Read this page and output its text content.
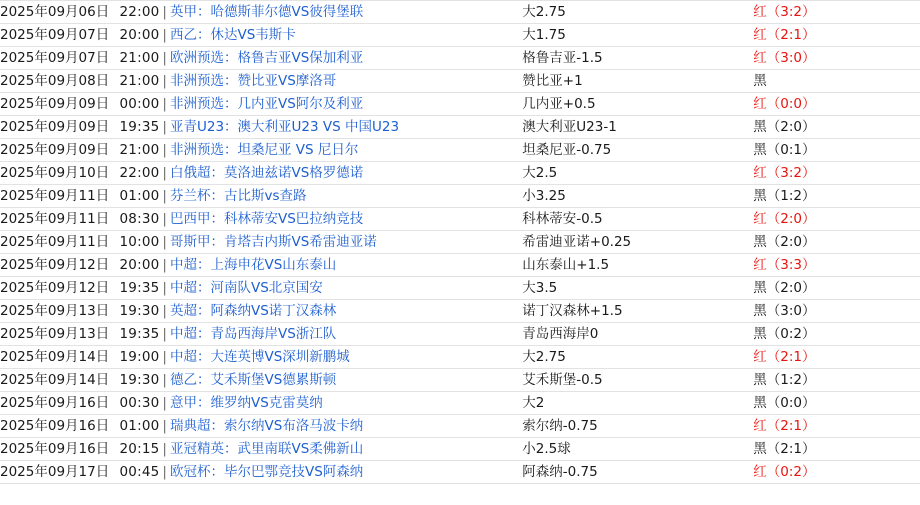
2025年09月06日 22:00 | 英甲：哈德斯菲尔德VS彼得堡联	大2.75	红（3:2）
2025年09月07日 20:00 | 西乙：休达VS韦斯卡	大1.75	红（2:1）
2025年09月07日 21:00 | 欧洲预选：格鲁吉亚VS保加利亚	格鲁吉亚-1.5	红（3:0）
2025年09月08日 21:00 | 非洲预选：赞比亚VS摩洛哥	赞比亚+1	黑
2025年09月09日 00:00 | 非洲预选：几内亚VS阿尔及利亚	几内亚+0.5	红（0:0）
2025年09月09日 19:35 | 亚青U23：澳大利亚U23 VS 中国U23	澳大利亚U23-1	黑（2:0）
2025年09月09日 21:00 | 非洲预选：坦桑尼亚 VS 尼日尔	坦桑尼亚-0.75	黑（0:1）
2025年09月10日 22:00 | 白俄超：莫洛迪兹诺VS格罗德诺	大2.5	红（3:2）
2025年09月11日 01:00 | 芬兰杯：古比斯vs查路	小3.25	黑（1:2）
2025年09月11日 08:30 | 巴西甲：科林蒂安VS巴拉纳竞技	科林蒂安-0.5	红（2:0）
2025年09月11日 10:00 | 哥斯甲：肯塔吉内斯VS希雷迪亚诺	希雷迪亚诺+0.25	黑（2:0）
2025年09月12日 20:00 | 中超：上海申花VS山东泰山	山东泰山+1.5	红（3:3）
2025年09月12日 19:35 | 中超：河南队VS北京国安	大3.5	黑（2:0）
2025年09月13日 19:30 | 英超：阿森纳VS诺丁汉森林	诺丁汉森林+1.5	黑（3:0）
2025年09月13日 19:35 | 中超：青岛西海岸VS浙江队	青岛西海岸0	黑（0:2）
2025年09月14日 19:00 | 中超：大连英博VS深圳新鹏城	大2.75	红（2:1）
2025年09月14日 19:30 | 德乙：艾禾斯堡VS德累斯顿	艾禾斯堡-0.5	黑（1:2）
2025年09月16日 00:30 | 意甲：维罗纳VS克雷莫纳	大2	黑（0:0）
2025年09月16日 01:00 | 瑞典超：索尔纳VS布洛马波卡纳	索尔纳-0.75	红（2:1）
2025年09月16日 20:15 | 亚冠精英：武里南联VS柔佛新山	小2.5球	黑（2:1）
2025年09月17日 00:45 | 欧冠杯：毕尔巴鄂竞技VS阿森纳	阿森纳-0.75	红（0:2）
